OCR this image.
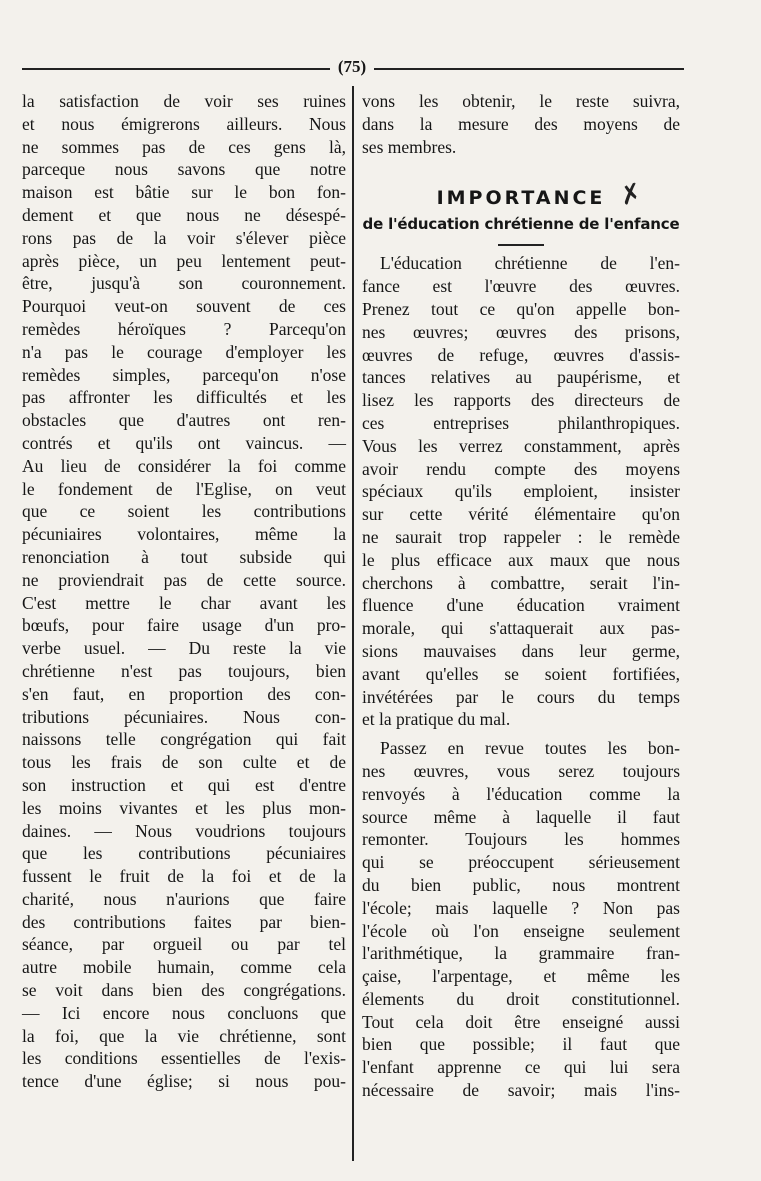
(75)
✗
la satisfaction de voir ses ruines
et nous émigrerons ailleurs. Nous
ne sommes pas de ces gens là,
parceque nous savons que notre
maison est bâtie sur le bon fon-
dement et que nous ne désespé-
rons pas de la voir s'élever pièce
après pièce, un peu lentement peut-
être, jusqu'à son couronnement.
Pourquoi veut-on souvent de ces
remèdes héroïques ? Parcequ'on
n'a pas le courage d'employer les
remèdes simples, parcequ'on n'ose
pas affronter les difficultés et les
obstacles que d'autres ont ren-
contrés et qu'ils ont vaincus. —
Au lieu de considérer la foi comme
le fondement de l'Eglise, on veut
que ce soient les contributions
pécuniaires volontaires, même la
renonciation à tout subside qui
ne proviendrait pas de cette source.
C'est mettre le char avant les
bœufs, pour faire usage d'un pro-
verbe usuel. — Du reste la vie
chrétienne n'est pas toujours, bien
s'en faut, en proportion des con-
tributions pécuniaires. Nous con-
naissons telle congrégation qui fait
tous les frais de son culte et de
son instruction et qui est d'entre
les moins vivantes et les plus mon-
daines. — Nous voudrions toujours
que les contributions pécuniaires
fussent le fruit de la foi et de la
charité, nous n'aurions que faire
des contributions faites par bien-
séance, par orgueil ou par tel
autre mobile humain, comme cela
se voit dans bien des congrégations.
— Ici encore nous concluons que
la foi, que la vie chrétienne, sont
les conditions essentielles de l'exis-
tence d'une église; si nous pou-
vons les obtenir, le reste suivra,
dans la mesure des moyens de
ses membres.
IMPORTANCE
de l'éducation chrétienne de l'enfance
L'éducation chrétienne de l'en-
fance est l'œuvre des œuvres.
Prenez tout ce qu'on appelle bon-
nes œuvres; œuvres des prisons,
œuvres de refuge, œuvres d'assis-
tances relatives au paupérisme, et
lisez les rapports des directeurs de
ces entreprises philanthropiques.
Vous les verrez constamment, après
avoir rendu compte des moyens
spéciaux qu'ils emploient, insister
sur cette vérité élémentaire qu'on
ne saurait trop rappeler : le remède
le plus efficace aux maux que nous
cherchons à combattre, serait l'in-
fluence d'une éducation vraiment
morale, qui s'attaquerait aux pas-
sions mauvaises dans leur germe,
avant qu'elles se soient fortifiées,
invétérées par le cours du temps
et la pratique du mal.
Passez en revue toutes les bon-
nes œuvres, vous serez toujours
renvoyés à l'éducation comme la
source même à laquelle il faut
remonter. Toujours les hommes
qui se préoccupent sérieusement
du bien public, nous montrent
l'école; mais laquelle ? Non pas
l'école où l'on enseigne seulement
l'arithmétique, la grammaire fran-
çaise, l'arpentage, et même les
élements du droit constitutionnel.
Tout cela doit être enseigné aussi
bien que possible; il faut que
l'enfant apprenne ce qui lui sera
nécessaire de savoir; mais l'ins-
